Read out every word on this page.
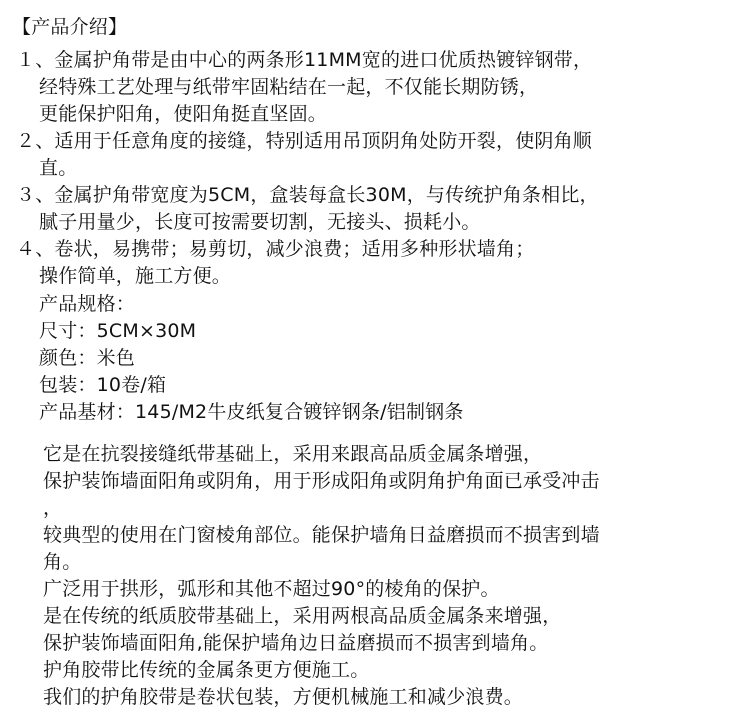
【产品介绍】
１、金属护角带是由中心的两条形11MM宽的进口优质热镀锌钢带，
经特殊工艺处理与纸带牢固粘结在一起，不仅能长期防锈，
更能保护阳角，使阳角挺直坚固。
２、适用于任意角度的接缝，特别适用吊顶阴角处防开裂，使阴角顺
直。
３、金属护角带宽度为5CM，盒装每盒长30M，与传统护角条相比，
腻子用量少，长度可按需要切割，无接头、损耗小。
４、卷状，易携带；易剪切，减少浪费；适用多种形状墙角；
操作简单，施工方便。
产品规格：
尺寸：5CM×30M
颜色：米色
包装：10卷/箱
产品基材：145/M2牛皮纸复合镀锌钢条/铝制钢条
它是在抗裂接缝纸带基础上，采用来跟高品质金属条增强，
保护装饰墙面阳角或阴角，用于形成阳角或阴角护角面已承受冲击
，
较典型的使用在门窗棱角部位。能保护墙角日益磨损而不损害到墙
角。
广泛用于拱形，弧形和其他不超过90°的棱角的保护。
是在传统的纸质胶带基础上，采用两根高品质金属条来增强，
保护装饰墙面阳角,能保护墙角边日益磨损而不损害到墙角。
护角胶带比传统的金属条更方便施工。
我们的护角胶带是卷状包装，方便机械施工和减少浪费。
